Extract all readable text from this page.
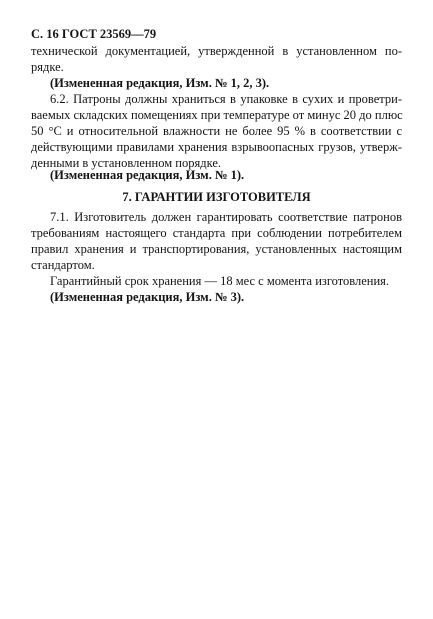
С. 16 ГОСТ 23569—79
технической документацией, утвержденной в установленном по-
рядке.
(Измененная редакция, Изм. № 1, 2, 3).
6.2. Патроны должны храниться в упаковке в сухих и проветри-
ваемых складских помещениях при температуре от минус 20 до плюс
50 °С и относительной влажности не более 95 % в соответствии с
действующими правилами хранения взрывоопасных грузов, утверж-
денными в установленном порядке.
(Измененная редакция, Изм. № 1).
7. ГАРАНТИИ ИЗГОТОВИТЕЛЯ
7.1. Изготовитель должен гарантировать соответствие патронов
требованиям настоящего стандарта при соблюдении потребителем
правил хранения и транспортирования, установленных настоящим
стандартом.
Гарантийный срок хранения — 18 мес с момента изготовления.
(Измененная редакция, Изм. № 3).
